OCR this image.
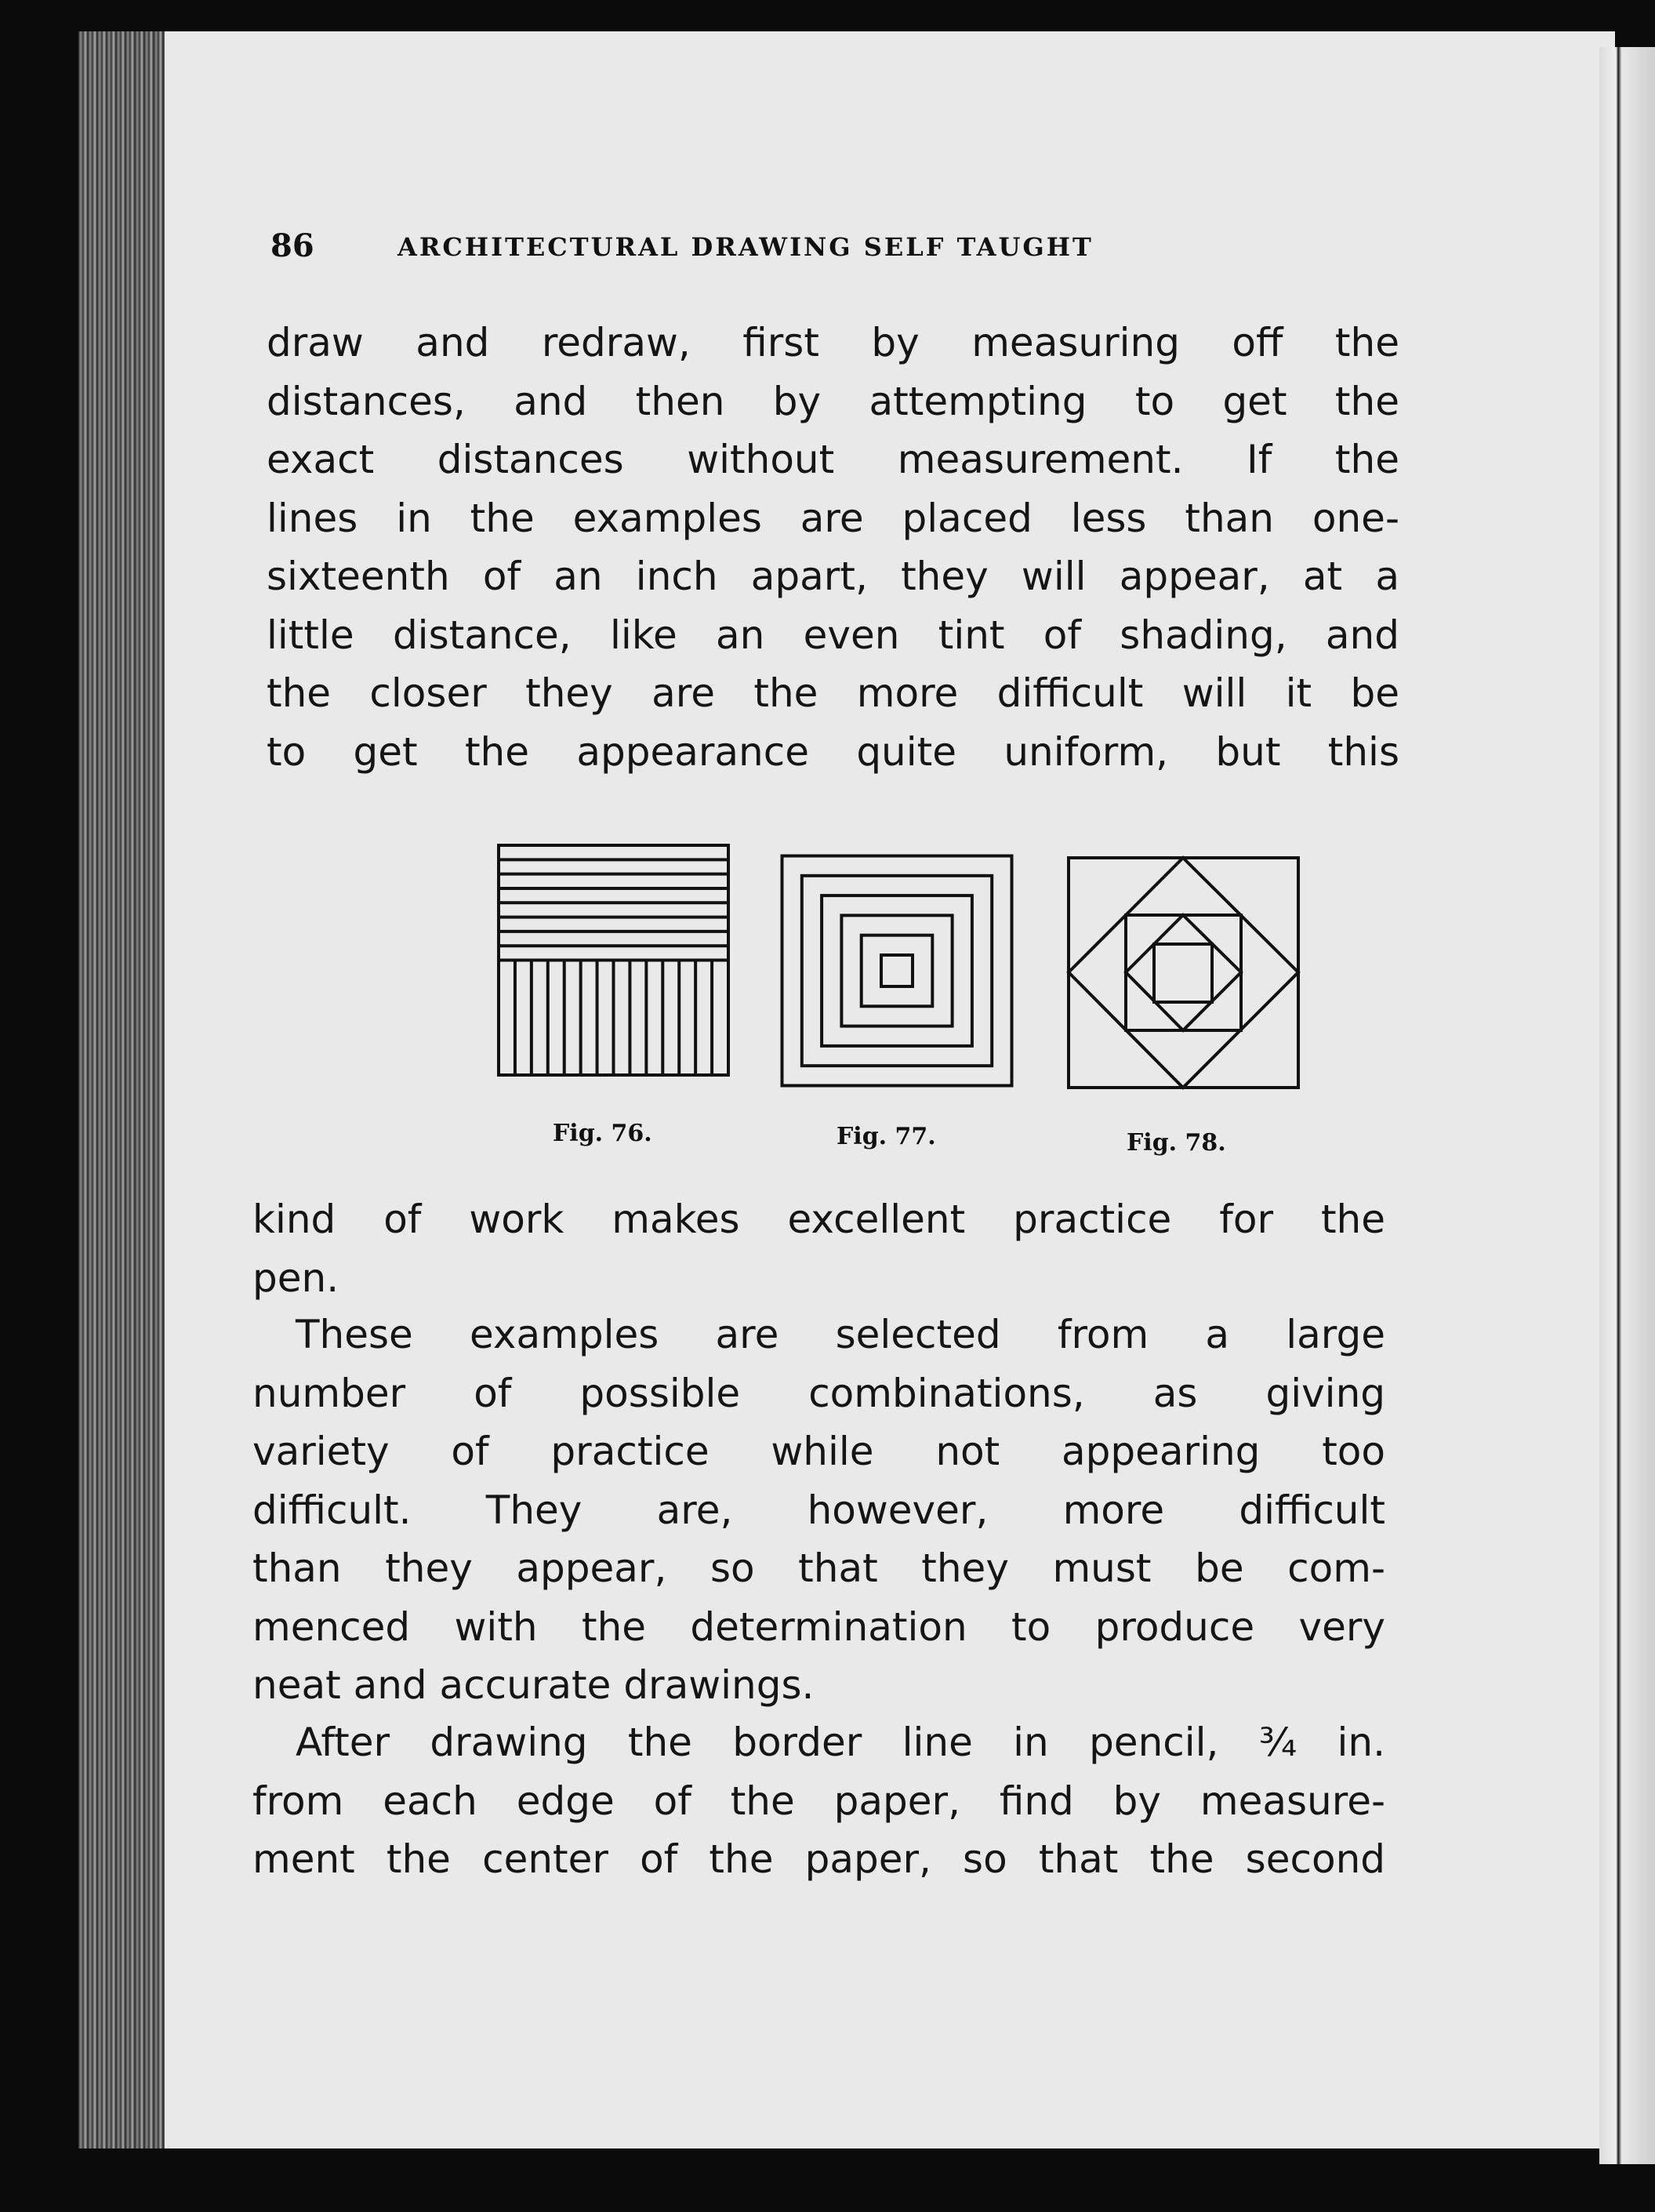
86	ARCHITECTURAL DRAWING SELF TAUGHT
draw and redraw, first by measuring off the
distances, and then by attempting to get the
exact distances without measurement. If the
lines in the examples are placed less than one-
sixteenth of an inch apart, they will appear, at a
little distance, like an even tint of shading, and
the closer they are the more difficult will it be
to get the appearance quite uniform, but this
Fig. 76.	Fig. 77.	Fig. 78.
kind of work makes excellent practice for the
pen.
These examples are selected from a large
number of possible combinations, as giving
variety of practice while not appearing too
difficult. They are, however, more difficult
than they appear, so that they must be com-
menced with the determination to produce very
neat and accurate drawings.
After drawing the border line in pencil, ¾ in.
from each edge of the paper, find by measure-
ment the center of the paper, so that the second
